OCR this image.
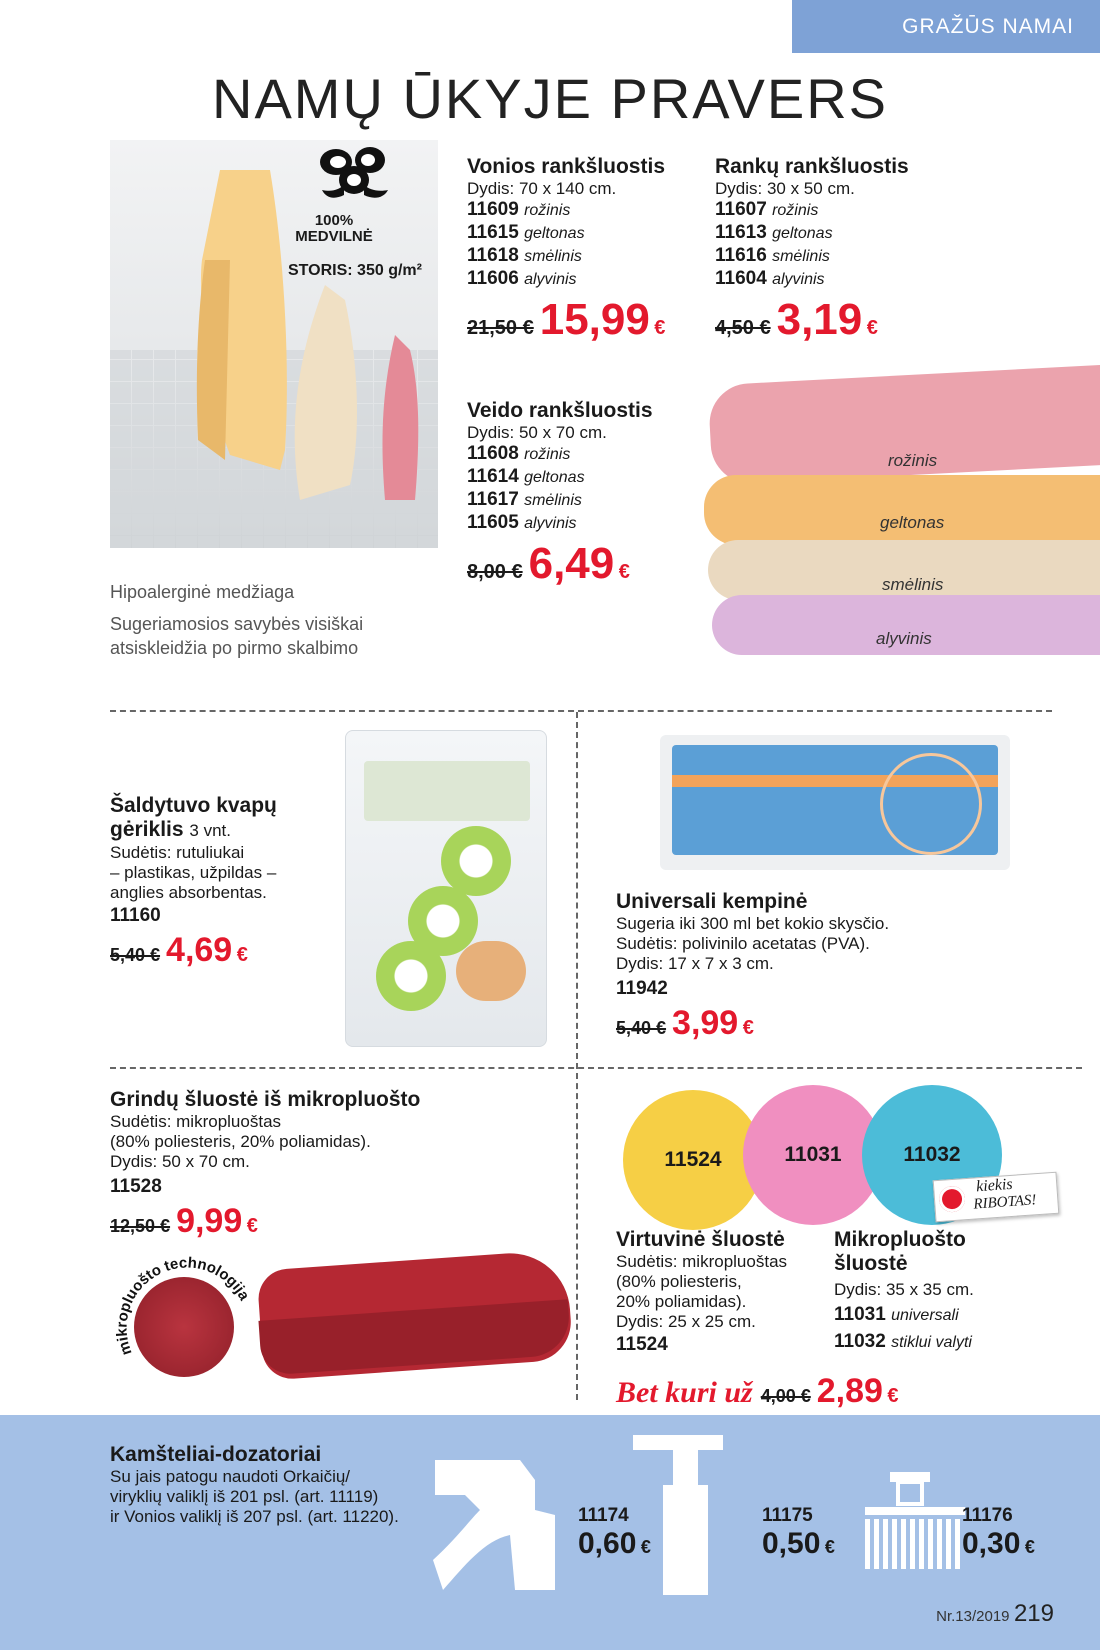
GRAŽŪS NAMAI
NAMŲ ŪKYJE PRAVERS
100%
MEDVILNĖ
STORIS: 350 g/m²
Vonios rankšluostis
Dydis: 70 x 140 cm.
11609 rožinis
11615 geltonas
11618 smėlinis
11606 alyvinis
21,50 € 15,99 €
Rankų rankšluostis
Dydis: 30 x 50 cm.
11607 rožinis
11613 geltonas
11616 smėlinis
11604 alyvinis
4,50 € 3,19 €
Veido rankšluostis
Dydis: 50 x 70 cm.
11608 rožinis
11614 geltonas
11617 smėlinis
11605 alyvinis
8,00 € 6,49 €
rožinis
geltonas
smėlinis
alyvinis
Hipoalerginė medžiaga
Sugeriamosios savybės visiškai
atsiskleidžia po pirmo skalbimo
Šaldytuvo kvapų
gėriklis 3 vnt.
Sudėtis: rutuliukai
– plastikas, užpildas –
anglies absorbentas.
11160
5,40 € 4,69 €
Universali kempinė
Sugeria iki 300 ml bet kokio skysčio.
Sudėtis: polivinilo acetatas (PVA).
Dydis: 17 x 7 x 3 cm.
11942
5,40 € 3,99 €
Grindų šluostė iš mikropluošto
Sudėtis: mikropluoštas
(80% poliesteris, 20% poliamidas).
Dydis: 50 x 70 cm.
11528
12,50 € 9,99 €
mikropluošto technologija
11524	11031	11032
kiekis
RIBOTAS!
Virtuvinė šluostė
Sudėtis: mikropluoštas
(80% poliesteris,
20% poliamidas).
Dydis: 25 x 25 cm.
11524
Mikropluošto
šluostė
Dydis: 35 x 35 cm.
11031 universali
11032 stiklui valyti
Bet kuri už 4,00 € 2,89 €
Kamšteliai-dozatoriai
Su jais patogu naudoti Orkaičių/
viryklių valiklį iš 201 psl. (art. 11119)
ir Vonios valiklį iš 207 psl. (art. 11220).	11174
0,60 €
11175
0,50 €
11176
0,30 €
Nr.13/2019 219
